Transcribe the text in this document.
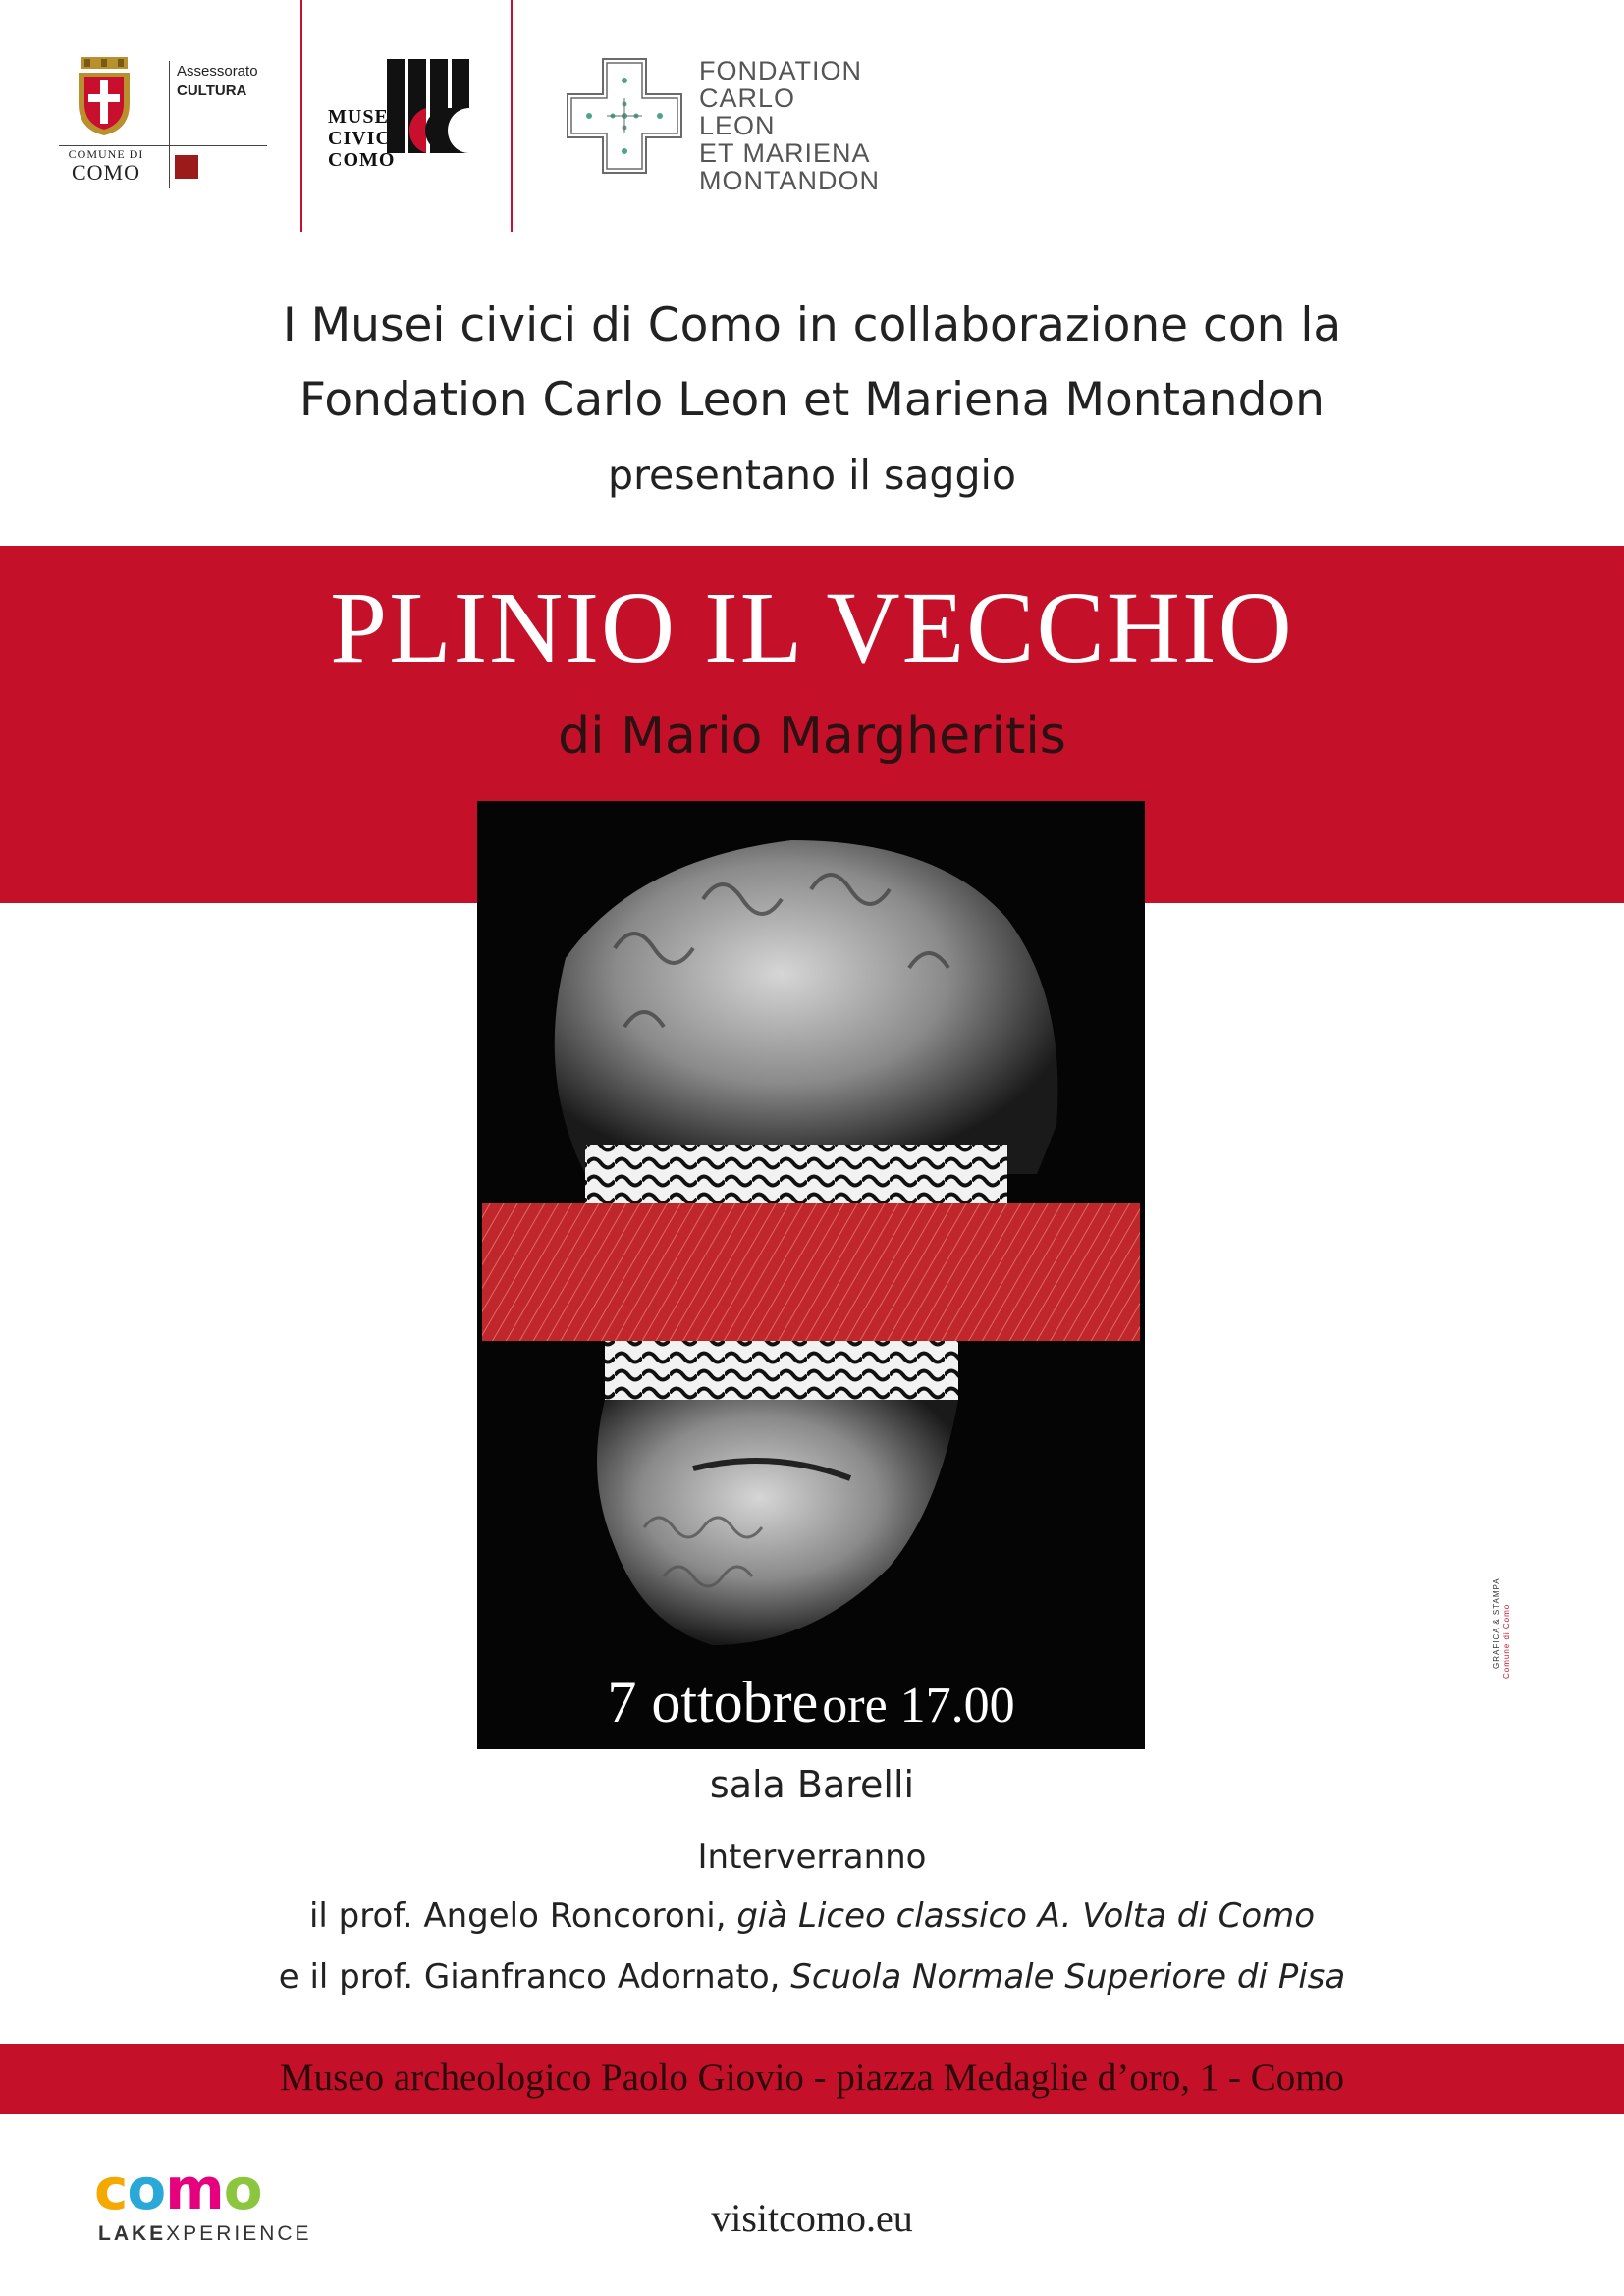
COMUNE DI
COMO
Assessorato
CULTURA
MUSEI
CIVICI
COMO
FONDATION
CARLO LEON
ET MARIENA
MONTANDON
I Musei civici di Como in collaborazione con la
Fondation Carlo Leon et Mariena Montandon
presentano il saggio
PLINIO IL VECCHIO
di Mario Margheritis
7 ottobre ore 17.00
sala Barelli
Interverranno
il prof. Angelo Roncoroni, già Liceo classico A. Volta di Como
e il prof. Gianfranco Adornato, Scuola Normale Superiore di Pisa
GRAFICA & STAMPA Comune di Como
Museo archeologico Paolo Giovio - piazza Medaglie d’oro, 1 - Como
como
LAKEXPERIENCE	visitcomo.eu
